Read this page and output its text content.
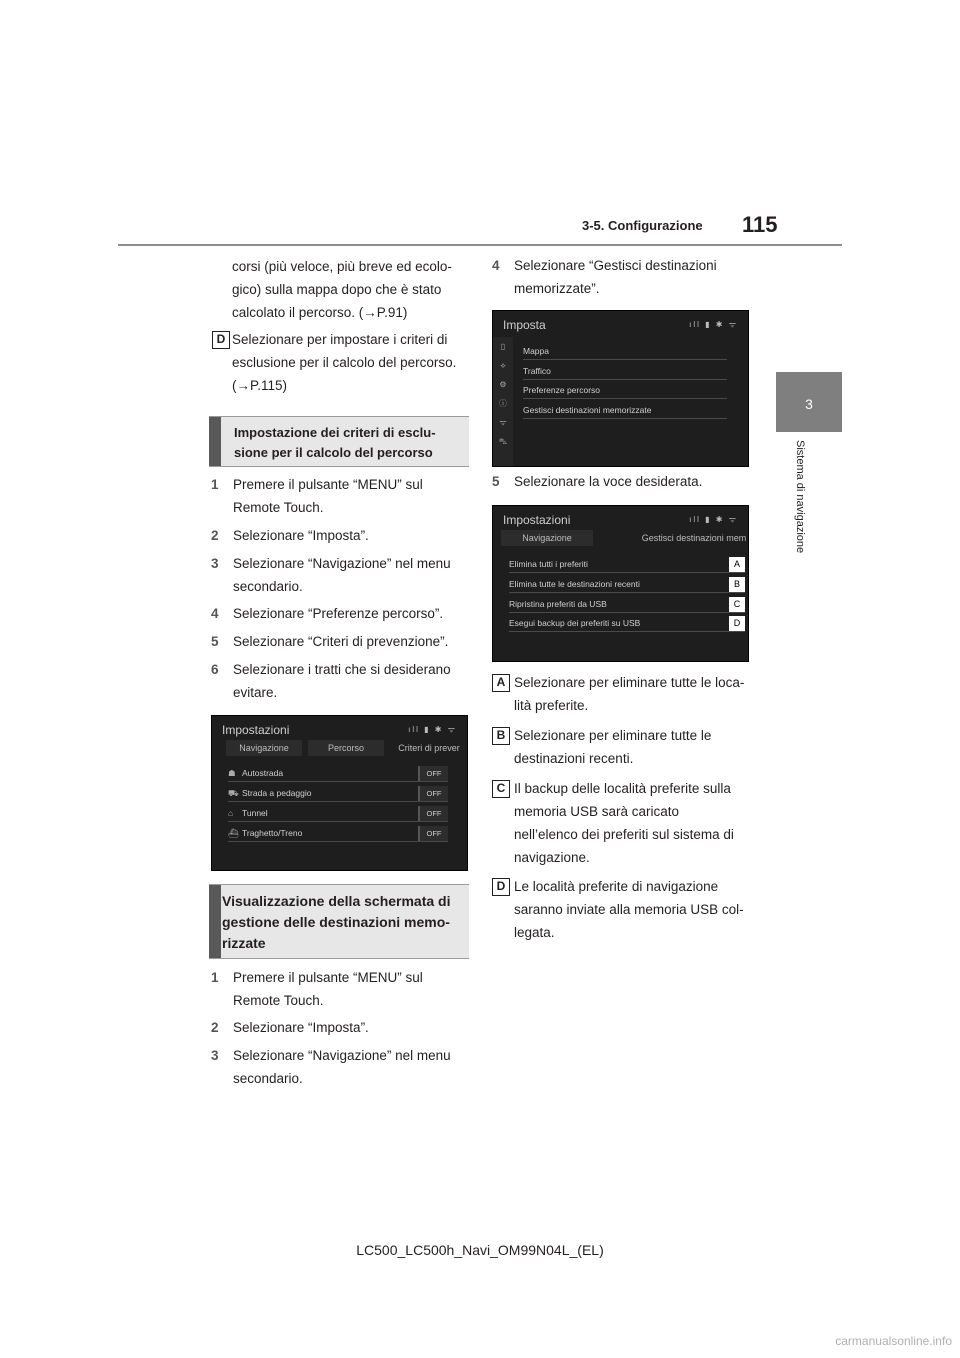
3-5. Configurazione 115
3
Sistema di navigazione
corsi (più veloce, più breve ed ecolo-
gico) sulla mappa dopo che è stato
calcolato il percorso. (→P.91)
D Selezionare per impostare i criteri di
esclusione per il calcolo del percorso.
(→P.115)
Impostazione dei criteri di esclu-
sione per il calcolo del percorso
1	Premere il pulsante “MENU” sul
Remote Touch.
2	Selezionare “Imposta”.
3	Selezionare “Navigazione” nel menu
secondario.
4	Selezionare “Preferenze percorso”.
5	Selezionare “Criteri di prevenzione”.
6	Selezionare i tratti che si desiderano
evitare.
Impostazioni	ıll ▮ ✱ ᯤ
Navigazione	Percorso	Criteri di prever
☗ Autostrada	OFF
⛟ Strada a pedaggio	OFF
⌂ Tunnel	OFF
⛴ Traghetto/Treno	OFF
Visualizzazione della schermata di
gestione delle destinazioni memo-
rizzate
1	Premere il pulsante “MENU” sul
Remote Touch.
2	Selezionare “Imposta”.
3	Selezionare “Navigazione” nel menu
secondario.
4	Selezionare “Gestisci destinazioni
memorizzate”.
Imposta	ıll ▮ ✱ ᯤ
▯
⟡
⚙
ⓘ
ᯤ
⛍
Mappa
Traffico
Preferenze percorso
Gestisci destinazioni memorizzate
5	Selezionare la voce desiderata.
Impostazioni	ıll ▮ ✱ ᯤ
Navigazione	Gestisci destinazioni mem
Elimina tutti i preferiti	A
Elimina tutte le destinazioni recenti	B
Ripristina preferiti da USB	C
Esegui backup dei preferiti su USB	D
A Selezionare per eliminare tutte le loca-
lità preferite.
B Selezionare per eliminare tutte le
destinazioni recenti.
C Il backup delle località preferite sulla
memoria USB sarà caricato
nell’elenco dei preferiti sul sistema di
navigazione.
D Le località preferite di navigazione
saranno inviate alla memoria USB col-
legata.
LC500_LC500h_Navi_OM99N04L_(EL)
carmanualsonline.info
